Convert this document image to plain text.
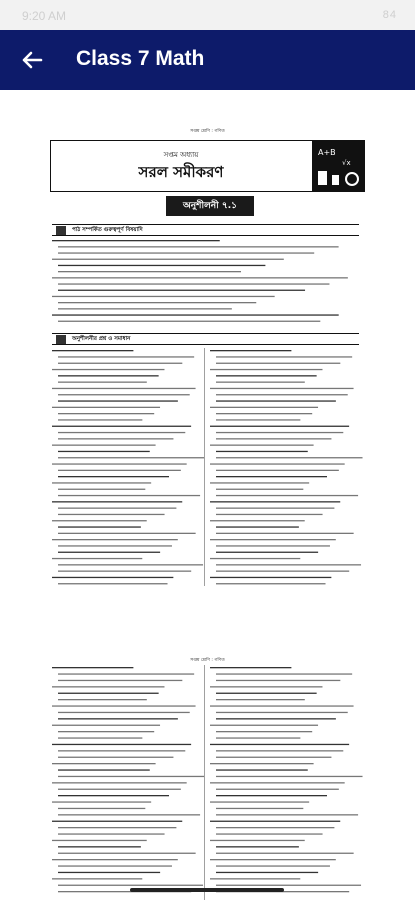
9:20 AM	84
Class 7 Math
সপ্তম শ্রেণি : গণিত
সপ্তম অধ্যায়
সরল সমীকরণ
A+B
√x
অনুশীলনী ৭.১
পাঠ সম্পর্কিত গুরুত্বপূর্ণ বিষয়াদি
অনুশীলনীর প্রশ্ন ও সমাধান
সপ্তম শ্রেণি : গণিত
